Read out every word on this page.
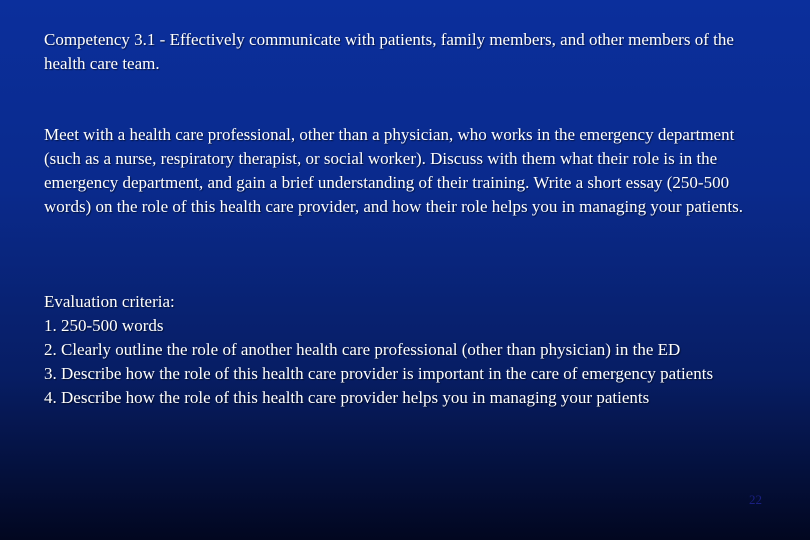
Competency 3.1 - Effectively communicate with patients, family members, and other members of the health care team.

Meet with a health care professional, other than a physician, who works in the emergency department (such as a nurse, respiratory therapist, or social worker). Discuss with them what their role is in the emergency department, and gain a brief understanding of their training. Write a short essay (250-500 words) on the role of this health care provider, and how their role helps you in managing your patients.

Evaluation criteria:
1. 250-500 words
2. Clearly outline the role of another health care professional (other than physician) in the ED
3. Describe how the role of this health care provider is important in the care of emergency patients
4. Describe how the role of this health care provider helps you in managing your patients
22
